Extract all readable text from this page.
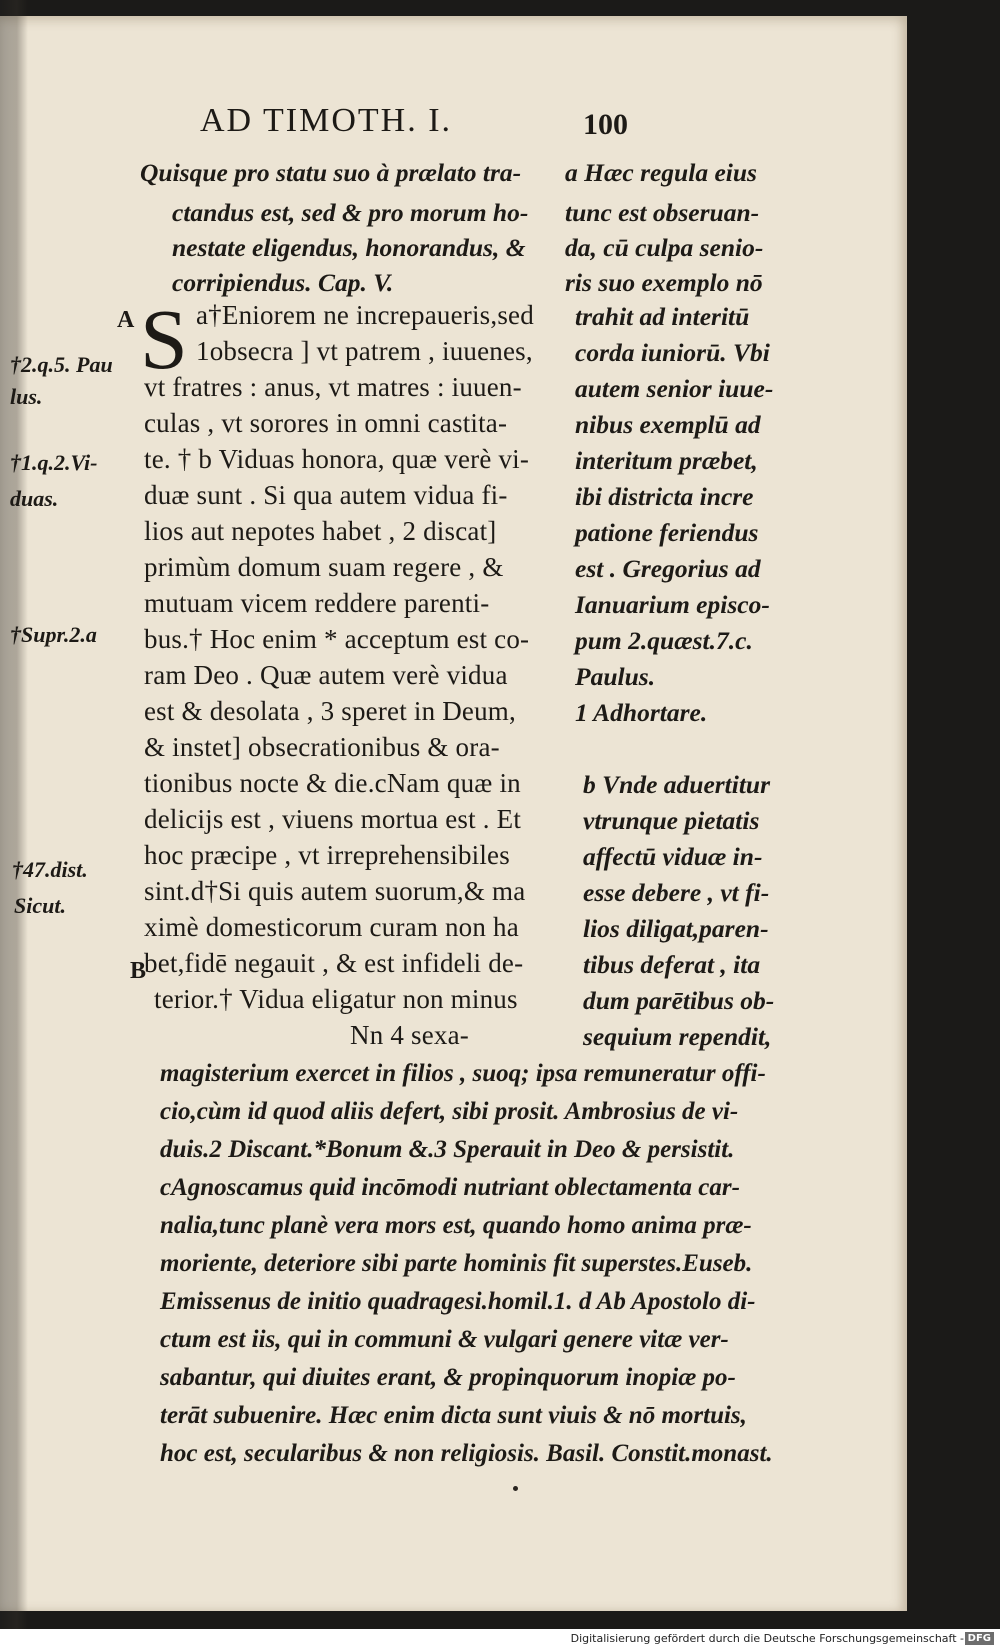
AD TIMOTH. I.	100
Quisque pro statu suo à prælato tra-
ctandus est, sed & pro morum ho-
nestate eligendus, honorandus, &
corripiendus. Cap. V.
S
A
†2.q.5. Pau
lus.
†1.q.2.Vi-
duas.
†Supr.2.a
†47.dist.
Sicut.
B
a†Eniorem ne increpaueris,sed
1obsecra ] vt patrem , iuuenes,
vt fratres : anus, vt matres : iuuen-
culas , vt sorores in omni castita-
te. † b Viduas honora, quæ verè vi-
duæ sunt . Si qua autem vidua fi-
lios aut nepotes habet , 2 discat]
primùm domum suam regere , &
mutuam vicem reddere parenti-
bus.† Hoc enim * acceptum est co-
ram Deo . Quæ autem verè vidua
est & desolata , 3 speret in Deum,
& instet] obsecrationibus & ora-
tionibus nocte & die.cNam quæ in
delicijs est , viuens mortua est . Et
hoc præcipe , vt irreprehensibiles
sint.d†Si quis autem suorum,& ma
ximè domesticorum curam non ha
bet,fidē negauit , & est infideli de-
terior.† Vidua eligatur non minus
Nn 4 sexa-
a Hæc regula eius
tunc est obseruan-
da, cū culpa senio-
ris suo exemplo nō
trahit ad interitū
corda iuniorū. Vbi
autem senior iuue-
nibus exemplū ad
interitum præbet,
ibi districta incre
patione feriendus
est . Gregorius ad
Ianuarium episco-
pum 2.quæst.7.c.
Paulus.
1 Adhortare.
b Vnde aduertitur
vtrunque pietatis
affectū viduæ in-
esse debere , vt fi-
lios diligat,paren-
tibus deferat , ita
dum parētibus ob-
sequium rependit,
magisterium exercet in filios , suoq; ipsa remuneratur offi-
cio,cùm id quod aliis defert, sibi prosit. Ambrosius de vi-
duis.2 Discant.*Bonum &.3 Sperauit in Deo & persistit.
cAgnoscamus quid incōmodi nutriant oblectamenta car-
nalia,tunc planè vera mors est, quando homo anima præ-
moriente, deteriore sibi parte hominis fit superstes.Euseb.
Emissenus de initio quadragesi.homil.1. d Ab Apostolo di-
ctum est iis, qui in communi & vulgari genere vitæ ver-
sabantur, qui diuites erant, & propinquorum inopiæ po-
terāt subuenire. Hæc enim dicta sunt viuis & nō mortuis,
hoc est, secularibus & non religiosis. Basil. Constit.monast.
Digitalisierung gefördert durch die Deutsche Forschungsgemeinschaft - DFG
